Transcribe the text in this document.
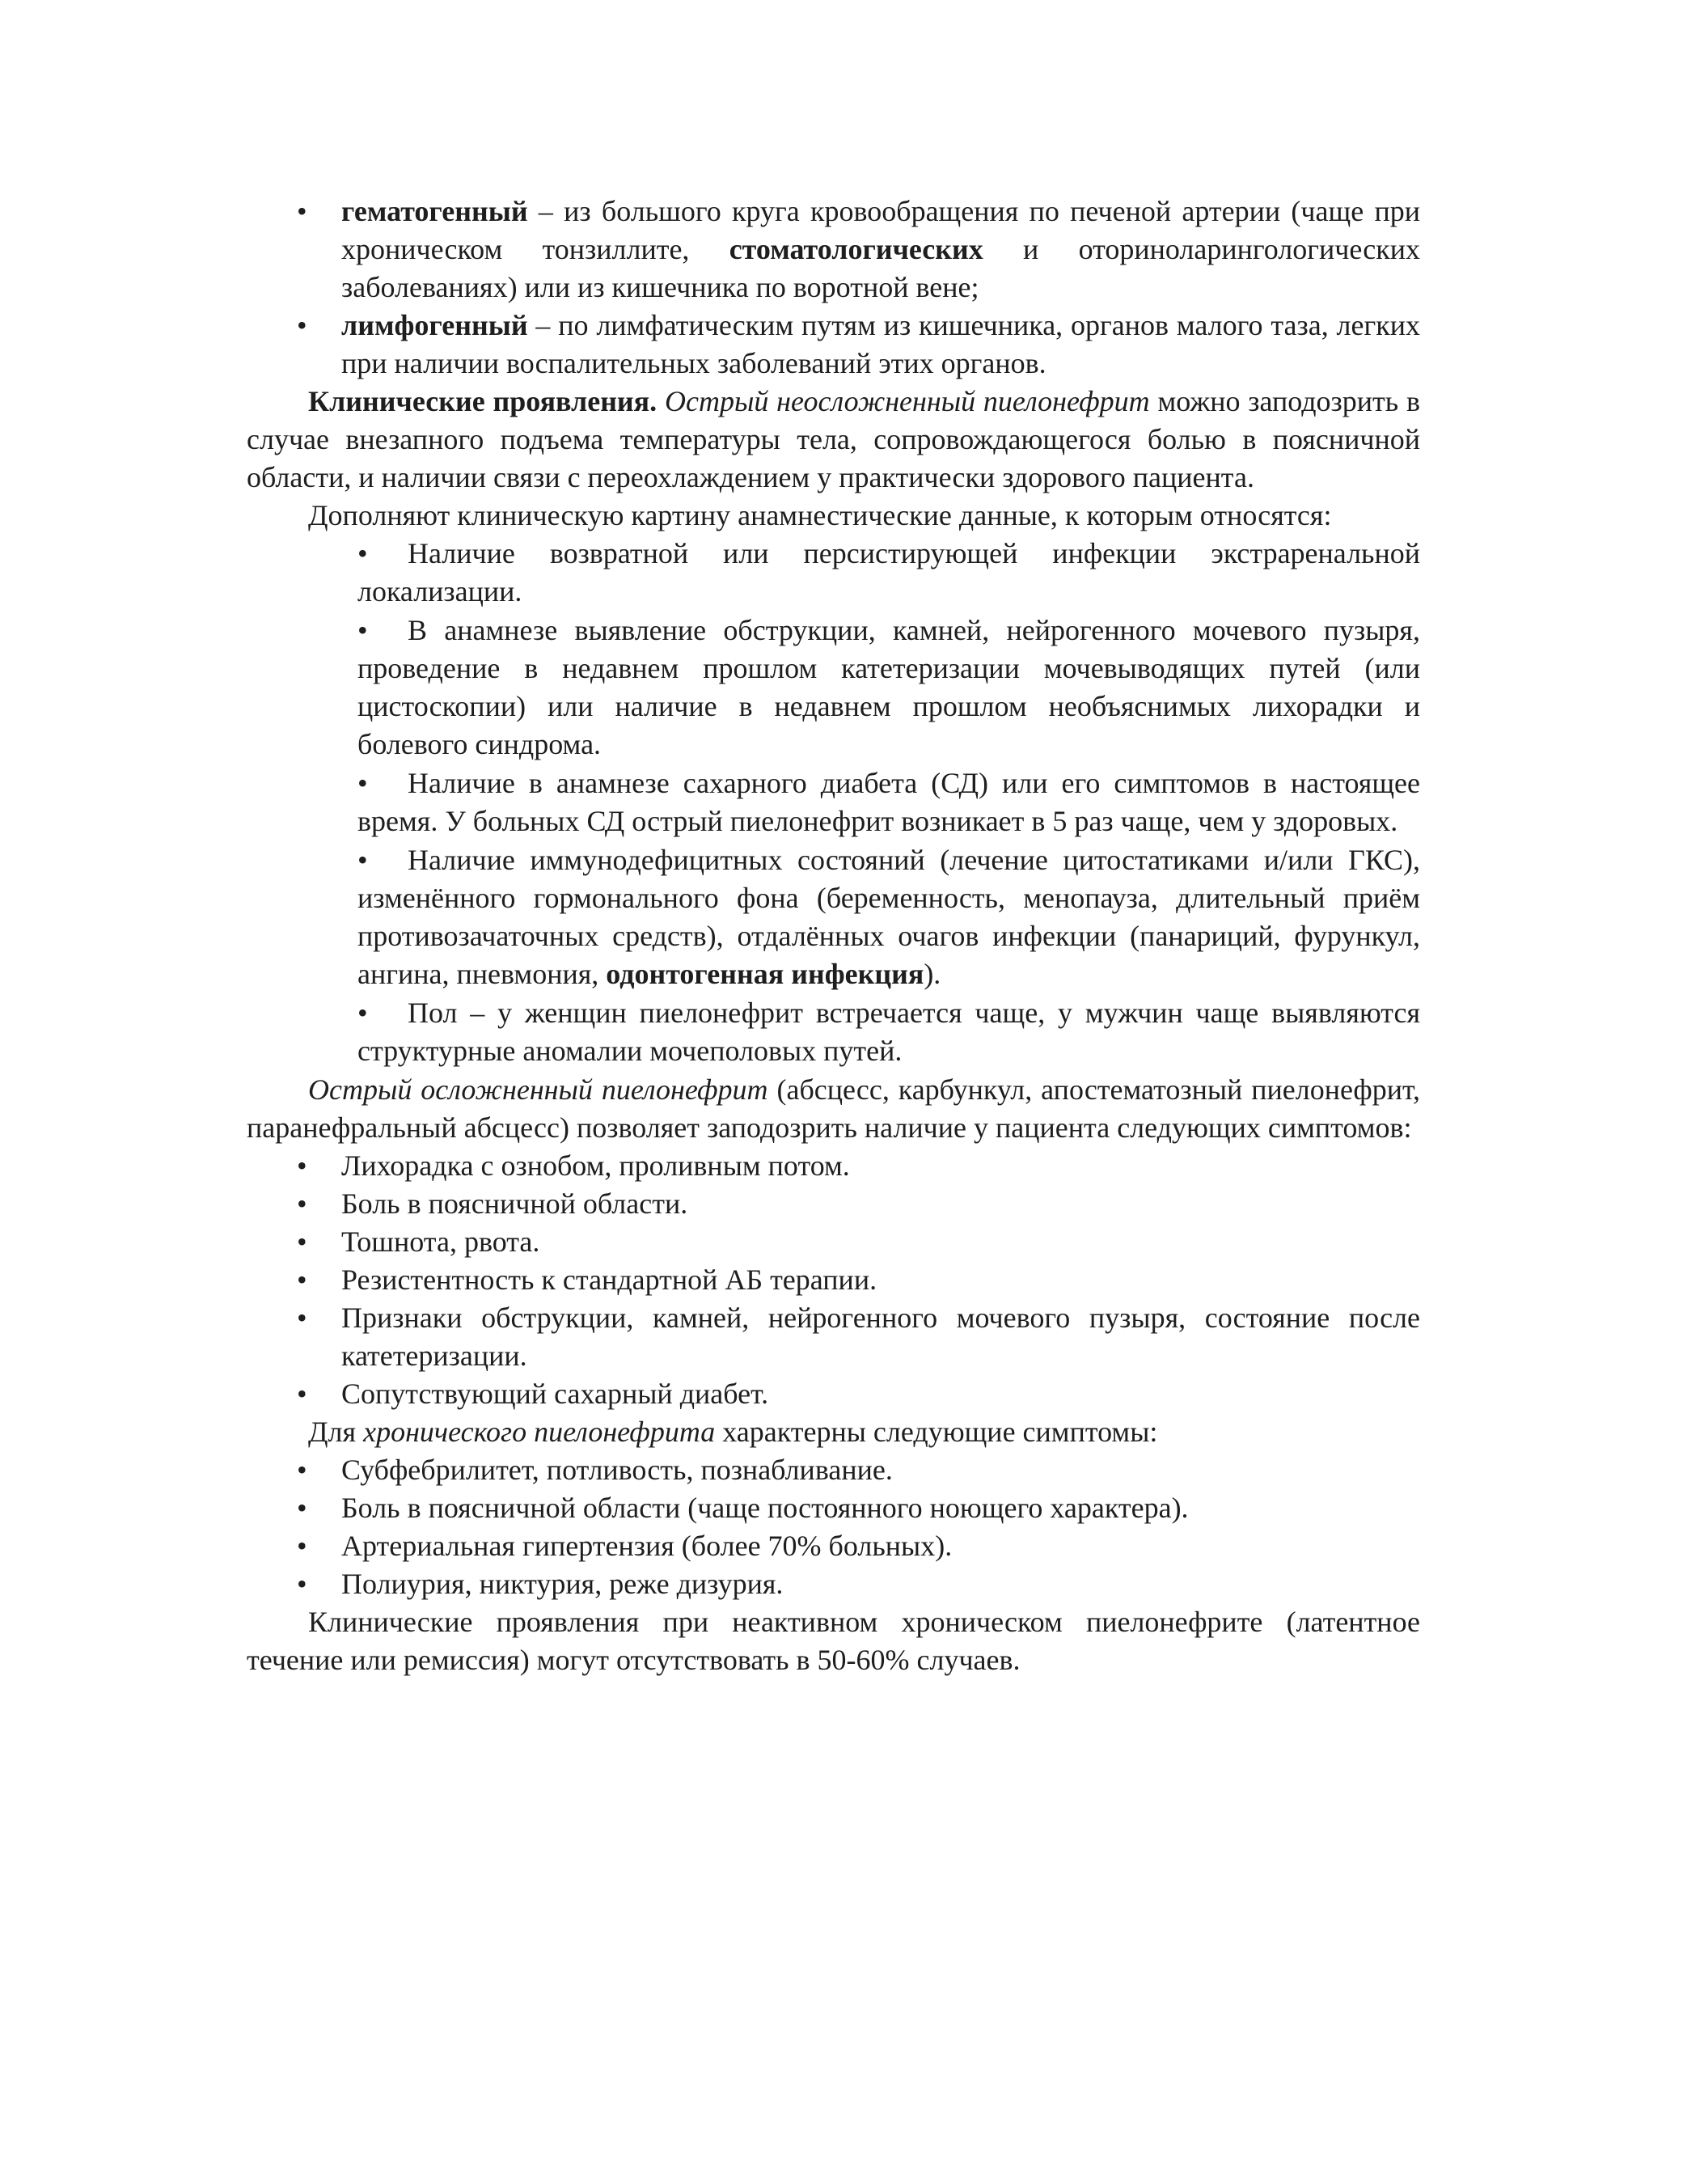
• гематогенный – из большого круга кровообращения по печеной артерии (чаще при хроническом тонзиллите, стоматологических и оториноларингологических заболеваниях) или из кишечника по воротной вене;
• лимфогенный – по лимфатическим путям из кишечника, органов малого таза, легких при наличии воспалительных заболеваний этих органов.

Клинические проявления. Острый неосложненный пиелонефрит можно заподозрить в случае внезапного подъема температуры тела, сопровождающегося болью в поясничной области, и наличии связи с переохлаждением у практически здорового пациента.

Дополняют клиническую картину анамнестические данные, к которым относятся:

• Наличие возвратной или персистирующей инфекции экстраренальной локализации.
• В анамнезе выявление обструкции, камней, нейрогенного мочевого пузыря, проведение в недавнем прошлом катетеризации мочевыводящих путей (или цистоскопии) или наличие в недавнем прошлом необъяснимых лихорадки и болевого синдрома.
• Наличие в анамнезе сахарного диабета (СД) или его симптомов в настоящее время. У больных СД острый пиелонефрит возникает в 5 раз чаще, чем у здоровых.
• Наличие иммунодефицитных состояний (лечение цитостатиками и/или ГКС), изменённого гормонального фона (беременность, менопауза, длительный приём противозачаточных средств), отдалённых очагов инфекции (панариций, фурункул, ангина, пневмония, одонтогенная инфекция).
• Пол – у женщин пиелонефрит встречается чаще, у мужчин чаще выявляются структурные аномалии мочеполовых путей.

Острый осложненный пиелонефрит (абсцесс, карбункул, апостематозный пиелонефрит, паранефральный абсцесс) позволяет заподозрить наличие у пациента следующих симптомов:

• Лихорадка с ознобом, проливным потом.
• Боль в поясничной области.
• Тошнота, рвота.
• Резистентность к стандартной АБ терапии.
• Признаки обструкции, камней, нейрогенного мочевого пузыря, состояние после катетеризации.
• Сопутствующий сахарный диабет.

Для хронического пиелонефрита характерны следующие симптомы:

• Субфебрилитет, потливость, познабливание.
• Боль в поясничной области (чаще постоянного ноющего характера).
• Артериальная гипертензия (более 70% больных).
• Полиурия, никтурия, реже дизурия.

Клинические проявления при неактивном хроническом пиелонефрите (латентное течение или ремиссия) могут отсутствовать в 50-60% случаев.
